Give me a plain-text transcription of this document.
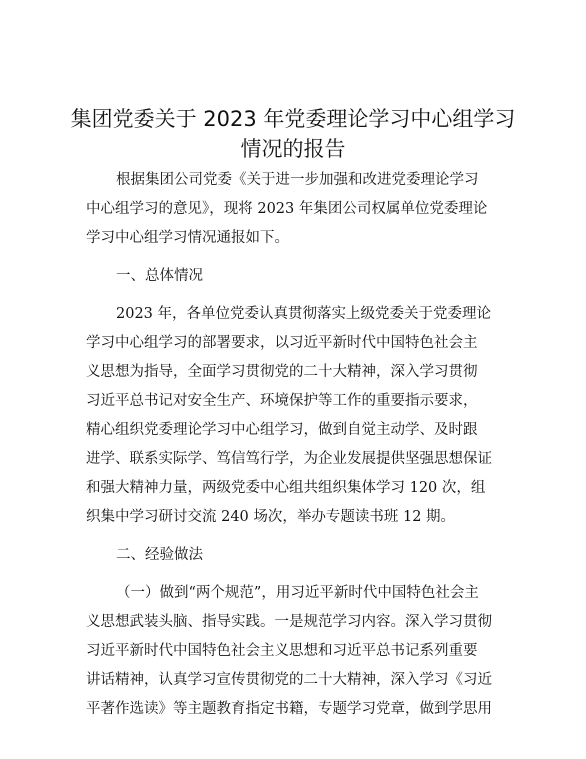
集团党委关于 2023 年党委理论学习中心组学习
情况的报告
根据集团公司党委《关于进一步加强和改进党委理论学习
中心组学习的意见》，现将 2023 年集团公司权属单位党委理论
学习中心组学习情况通报如下。
一、总体情况
2023 年，各单位党委认真贯彻落实上级党委关于党委理论
学习中心组学习的部署要求，以习近平新时代中国特色社会主
义思想为指导，全面学习贯彻党的二十大精神，深入学习贯彻
习近平总书记对安全生产、环境保护等工作的重要指示要求，
精心组织党委理论学习中心组学习，做到自觉主动学、及时跟
进学、联系实际学、笃信笃行学，为企业发展提供坚强思想保证
和强大精神力量，两级党委中心组共组织集体学习 120 次，组
织集中学习研讨交流 240 场次，举办专题读书班 12 期。
二、经验做法
（一）做到“两个规范”，用习近平新时代中国特色社会主
义思想武装头脑、指导实践。一是规范学习内容。深入学习贯彻
习近平新时代中国特色社会主义思想和习近平总书记系列重要
讲话精神，认真学习宣传贯彻党的二十大精神，深入学习《习近
平著作选读》等主题教育指定书籍，专题学习党章，做到学思用
